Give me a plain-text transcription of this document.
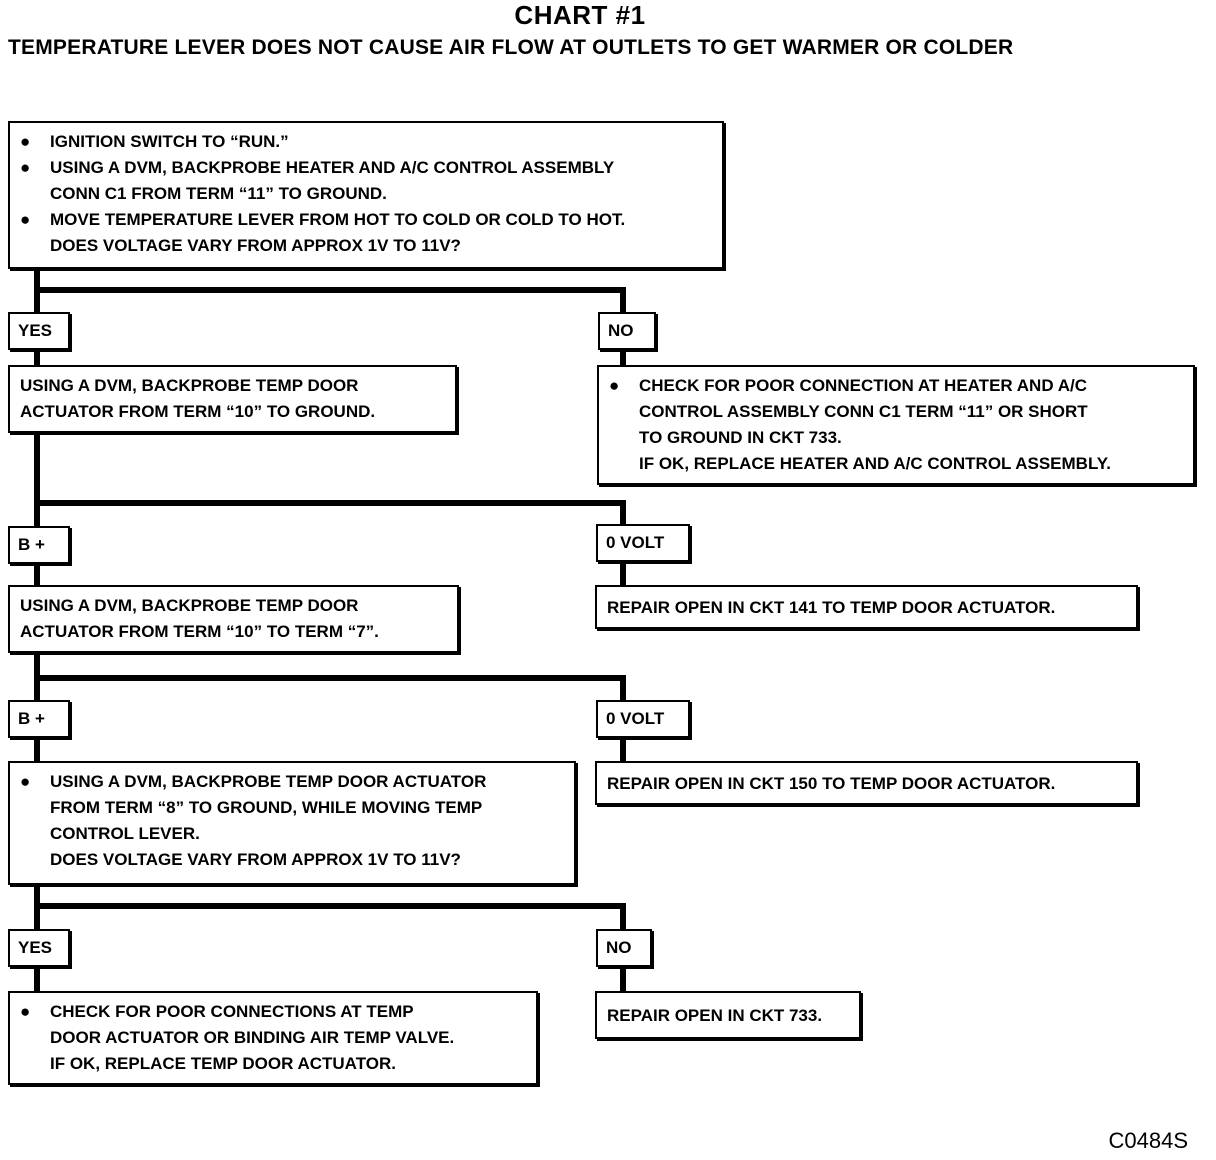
CHART #1
TEMPERATURE LEVER DOES NOT CAUSE AIR FLOW AT OUTLETS TO GET WARMER OR COLDER
● IGNITION SWITCH TO “RUN.”
● USING A DVM, BACKPROBE HEATER AND A/C CONTROL ASSEMBLY
CONN C1 FROM TERM “11” TO GROUND.
● MOVE TEMPERATURE LEVER FROM HOT TO COLD OR COLD TO HOT.
DOES VOLTAGE VARY FROM APPROX 1V TO 11V?
YES	NO
USING A DVM, BACKPROBE TEMP DOOR
ACTUATOR FROM TERM “10” TO GROUND.
● CHECK FOR POOR CONNECTION AT HEATER AND A/C
CONTROL ASSEMBLY CONN C1 TERM “11” OR SHORT
TO GROUND IN CKT 733.
IF OK, REPLACE HEATER AND A/C CONTROL ASSEMBLY.
B +	0 VOLT
USING A DVM, BACKPROBE TEMP DOOR
ACTUATOR FROM TERM “10” TO TERM “7”.
REPAIR OPEN IN CKT 141 TO TEMP DOOR ACTUATOR.
B +	0 VOLT
● USING A DVM, BACKPROBE TEMP DOOR ACTUATOR
FROM TERM “8” TO GROUND, WHILE MOVING TEMP
CONTROL LEVER.
DOES VOLTAGE VARY FROM APPROX 1V TO 11V?
REPAIR OPEN IN CKT 150 TO TEMP DOOR ACTUATOR.
YES	NO
● CHECK FOR POOR CONNECTIONS AT TEMP
DOOR ACTUATOR OR BINDING AIR TEMP VALVE.
IF OK, REPLACE TEMP DOOR ACTUATOR.
REPAIR OPEN IN CKT 733.
C0484S
